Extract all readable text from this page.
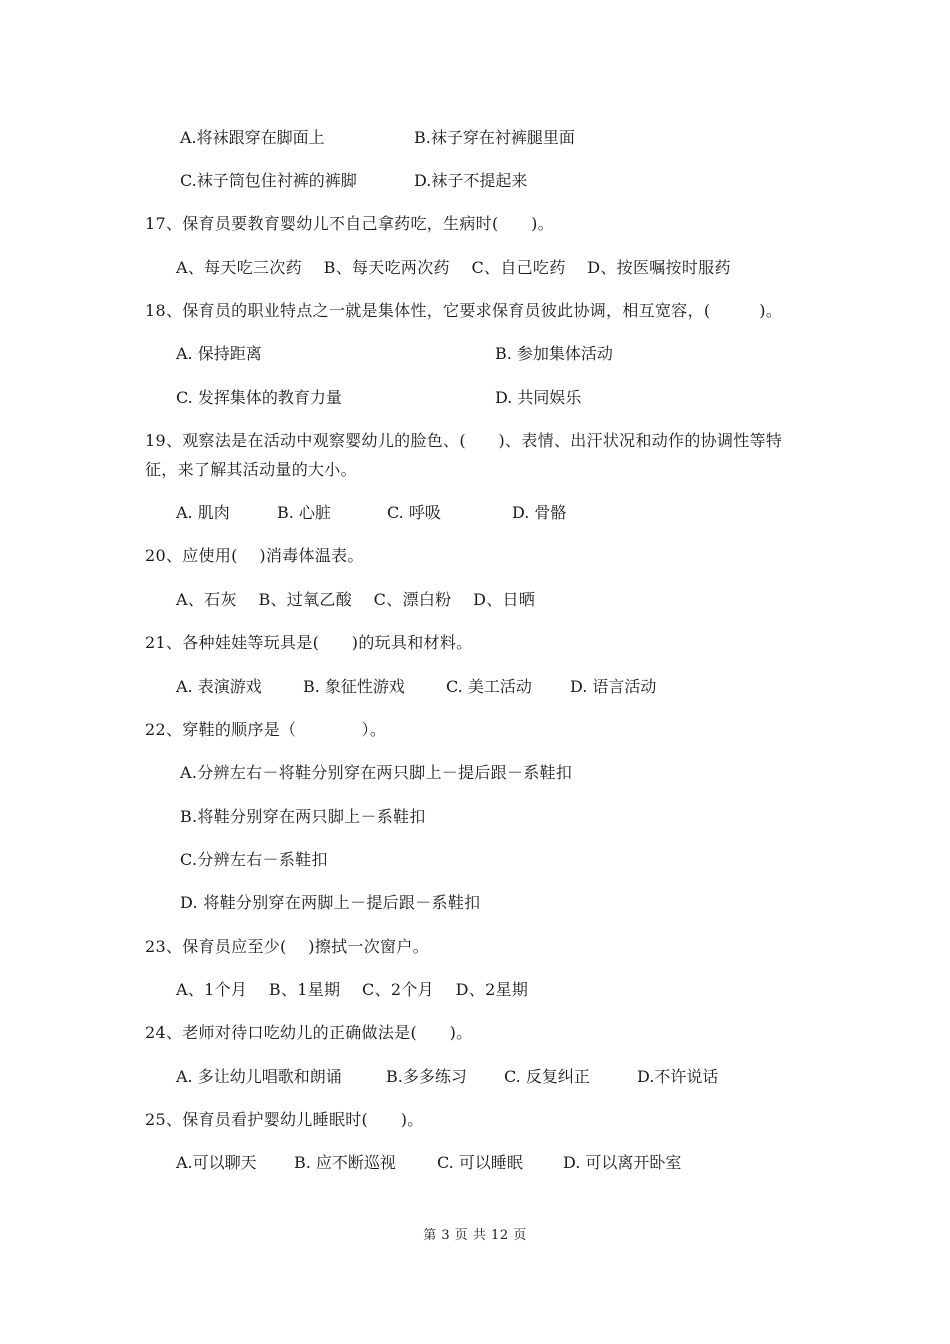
A.将袜跟穿在脚面上	B.袜子穿在衬裤腿里面
C.袜子筒包住衬裤的裤脚	D.袜子不提起来
17、保育员要教育婴幼儿不自己拿药吃，生病时(　　)。
A、每天吃三次药　 B、每天吃两次药　 C、自己吃药　 D、按医嘱按时服药
18、保育员的职业特点之一就是集体性，它要求保育员彼此协调，相互宽容，(　　　)。
A. 保持距离	B. 参加集体活动
C. 发挥集体的教育力量	D. 共同娱乐
19、观察法是在活动中观察婴幼儿的脸色、(　　)、表情、出汗状况和动作的协调性等特
征，来了解其活动量的大小。
A. 肌肉	B. 心脏	C. 呼吸	D. 骨骼
20、应使用(　 )消毒体温表。
A、石灰　 B、过氧乙酸　 C、漂白粉　 D、日晒
21、各种娃娃等玩具是(　　)的玩具和材料。
A. 表演游戏	B. 象征性游戏	C. 美工活动 D. 语言活动
22、穿鞋的顺序是（　　　　）。
A.分辨左右－将鞋分别穿在两只脚上－提后跟－系鞋扣
B.将鞋分别穿在两只脚上－系鞋扣
C.分辨左右－系鞋扣
D. 将鞋分别穿在两脚上－提后跟－系鞋扣
23、保育员应至少(　 )擦拭一次窗户。
A、1个月　 B、1星期　 C、2个月　 D、2星期
24、老师对待口吃幼儿的正确做法是(　　)。
A. 多让幼儿唱歌和朗诵	B.多多练习 C. 反复纠正	D.不许说话
25、保育员看护婴幼儿睡眠时(　　)。
A.可以聊天 B. 应不断巡视	C. 可以睡眠	D. 可以离开卧室
第 3 页 共 12 页
